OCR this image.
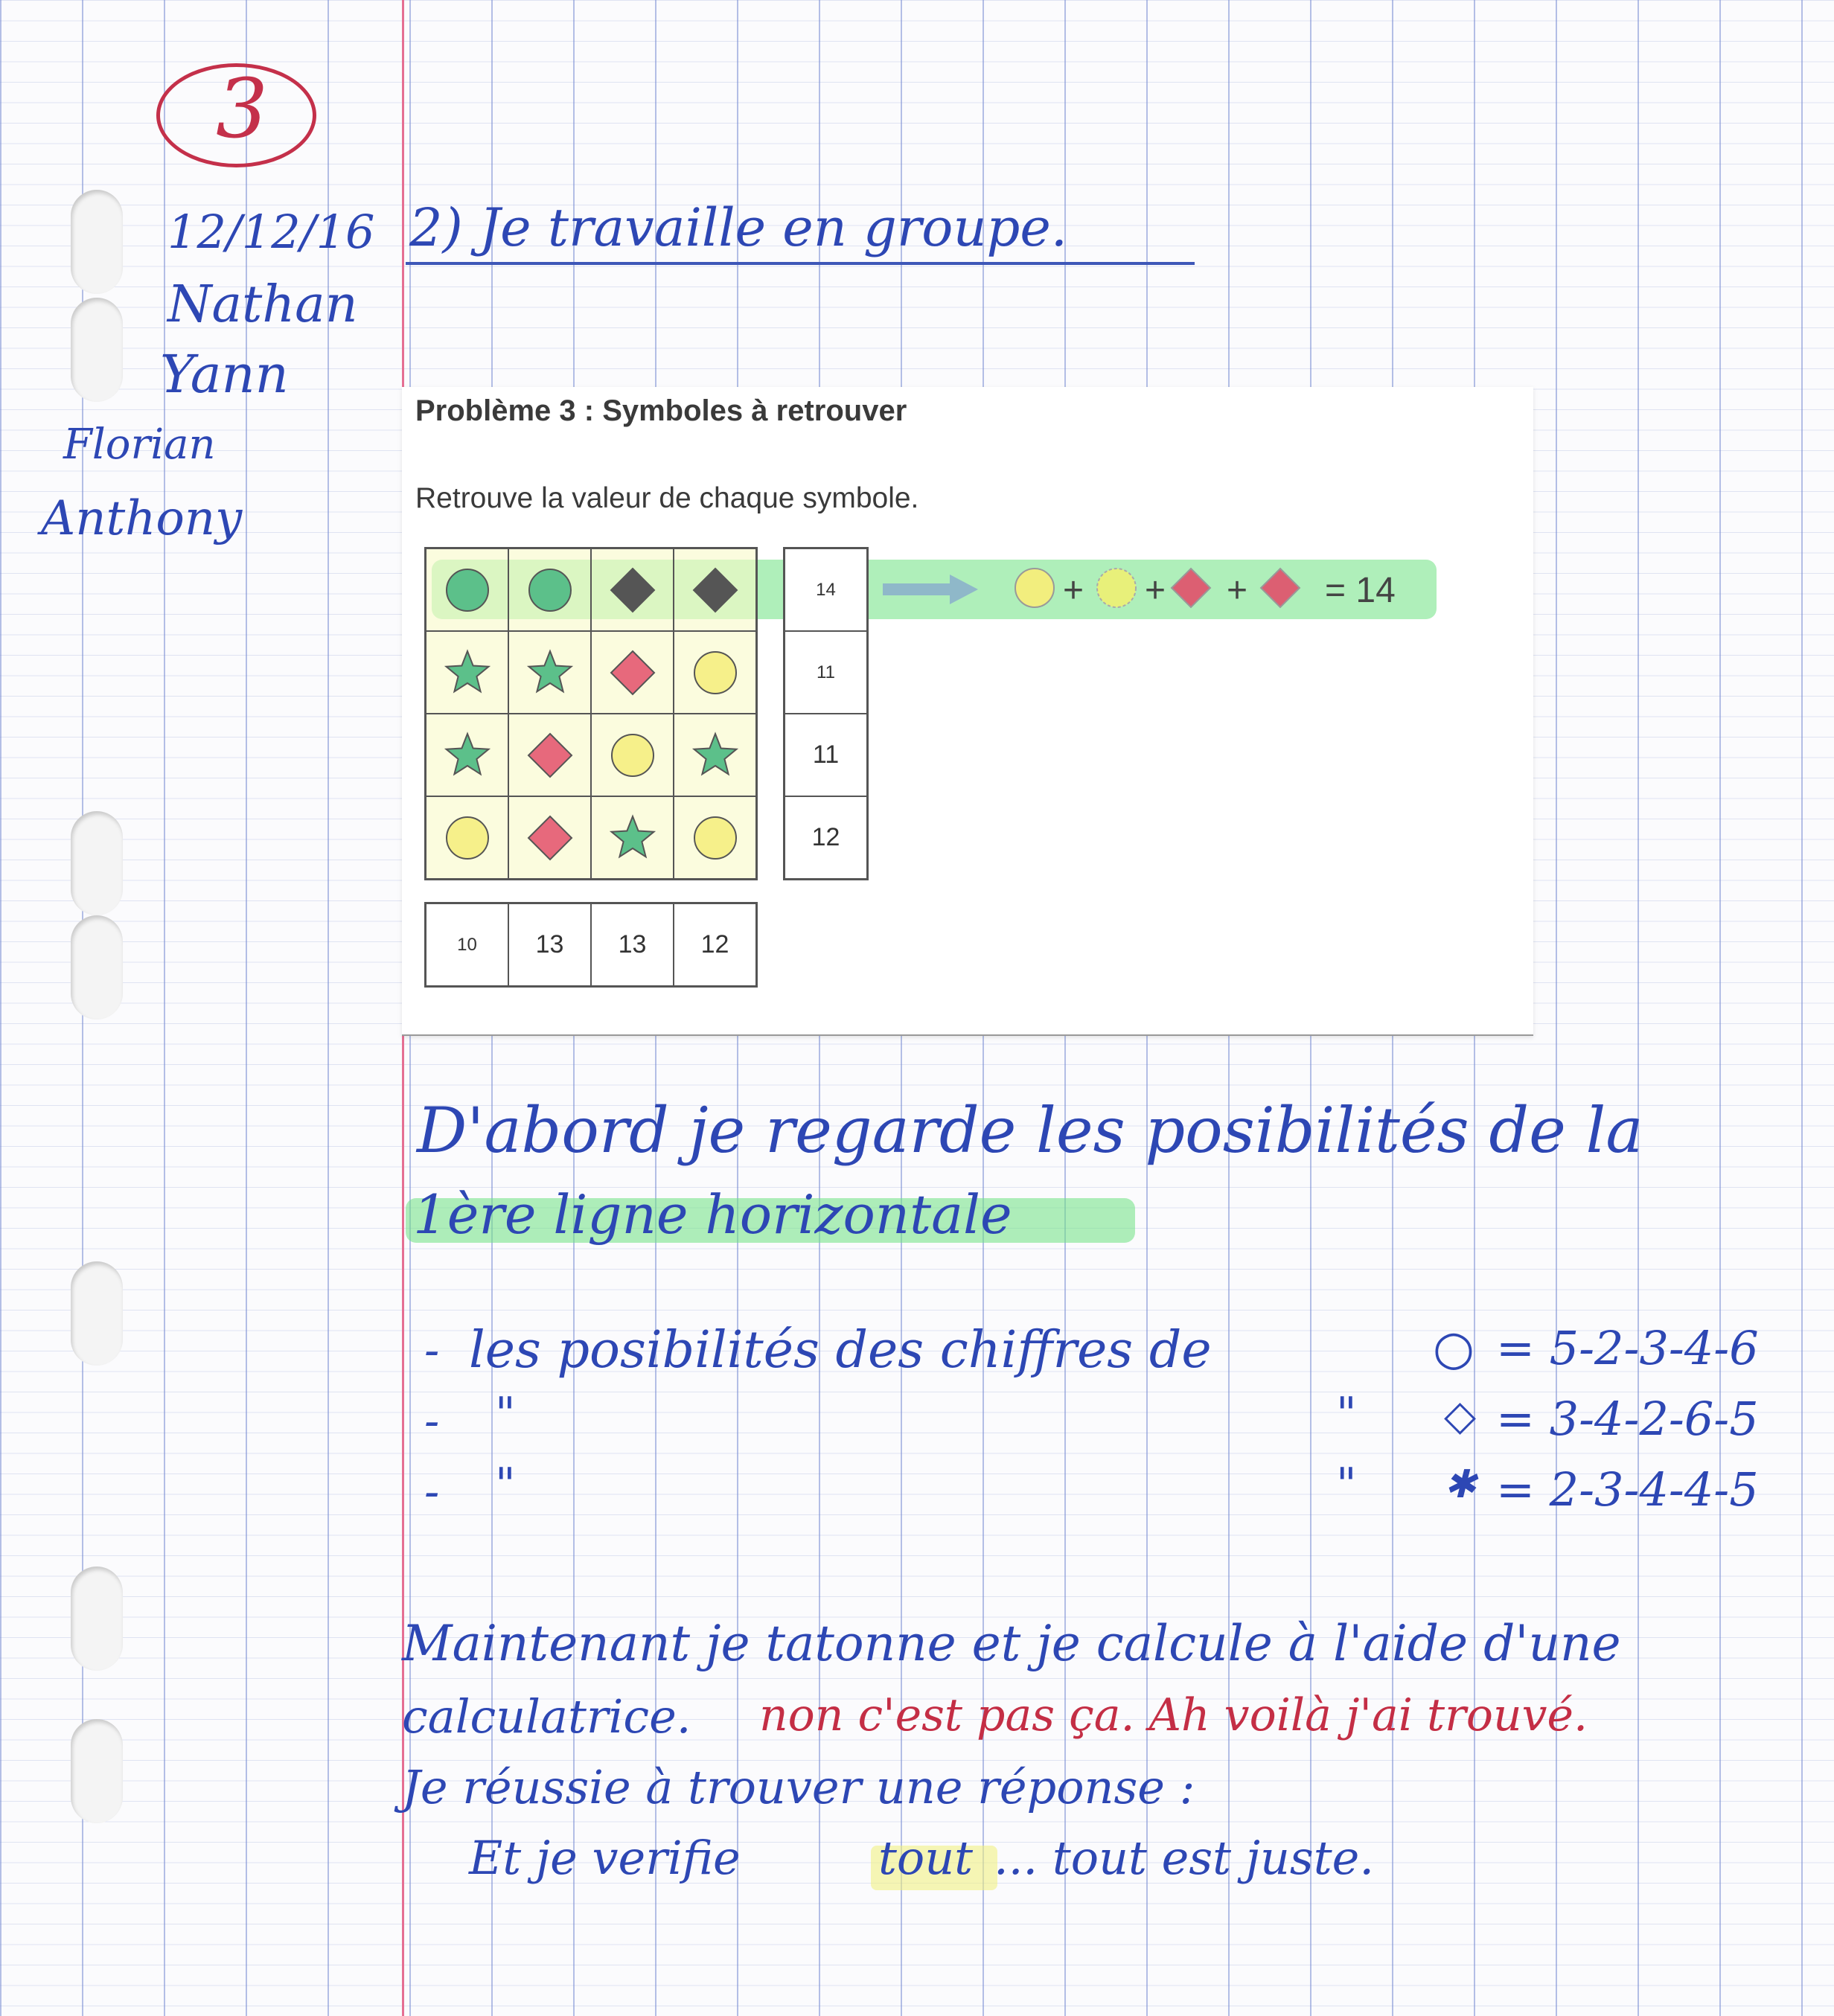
3
12/12/16
Nathan
Yann
Florian
Anthony
2) Je travaille en groupe.
Problème 3 : Symboles à retrouver
Retrouve la valeur de chaque symbole.
14
11
11
12
10	13	13	12
+ + + = 14
D'abord je regarde les posibilités de la
1ère ligne horizontale
- les posibilités des chiffres de	○ = 5-2-3-4-6
- "	" ◇ = 3-4-2-6-5
- "	" ✱ = 2-3-4-4-5
Maintenant je tatonne et je calcule à l'aide d'une
calculatrice. non c'est pas ça. Ah voilà j'ai trouvé.
Je réussie à trouver une réponse :
Et je verifie	tout ... tout est juste.
